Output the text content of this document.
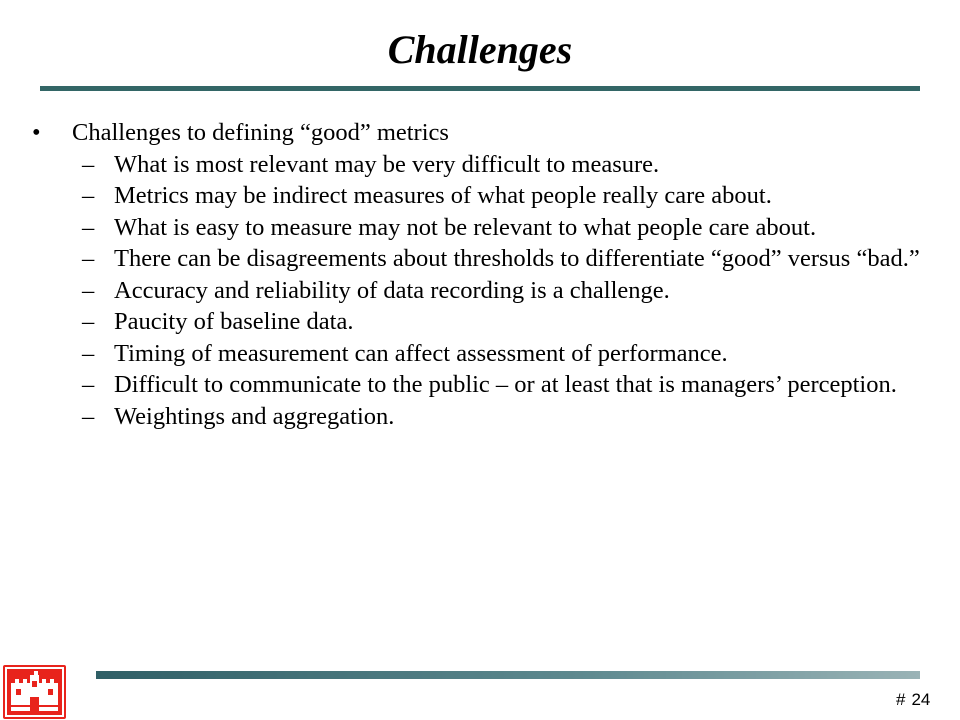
Challenges
• Challenges to defining “good” metrics
– What is most relevant may be very difficult to measure.
– Metrics may be indirect measures of what people really care about.
– What is easy to measure may not be relevant to what people care about.
– There can be disagreements about thresholds to differentiate “good” versus “bad.”
– Accuracy and reliability of data recording is a challenge.
– Paucity of baseline data.
– Timing of measurement can affect assessment of performance.
– Difficult to communicate to the public – or at least that is managers’ perception.
– Weightings and aggregation.
# 24
